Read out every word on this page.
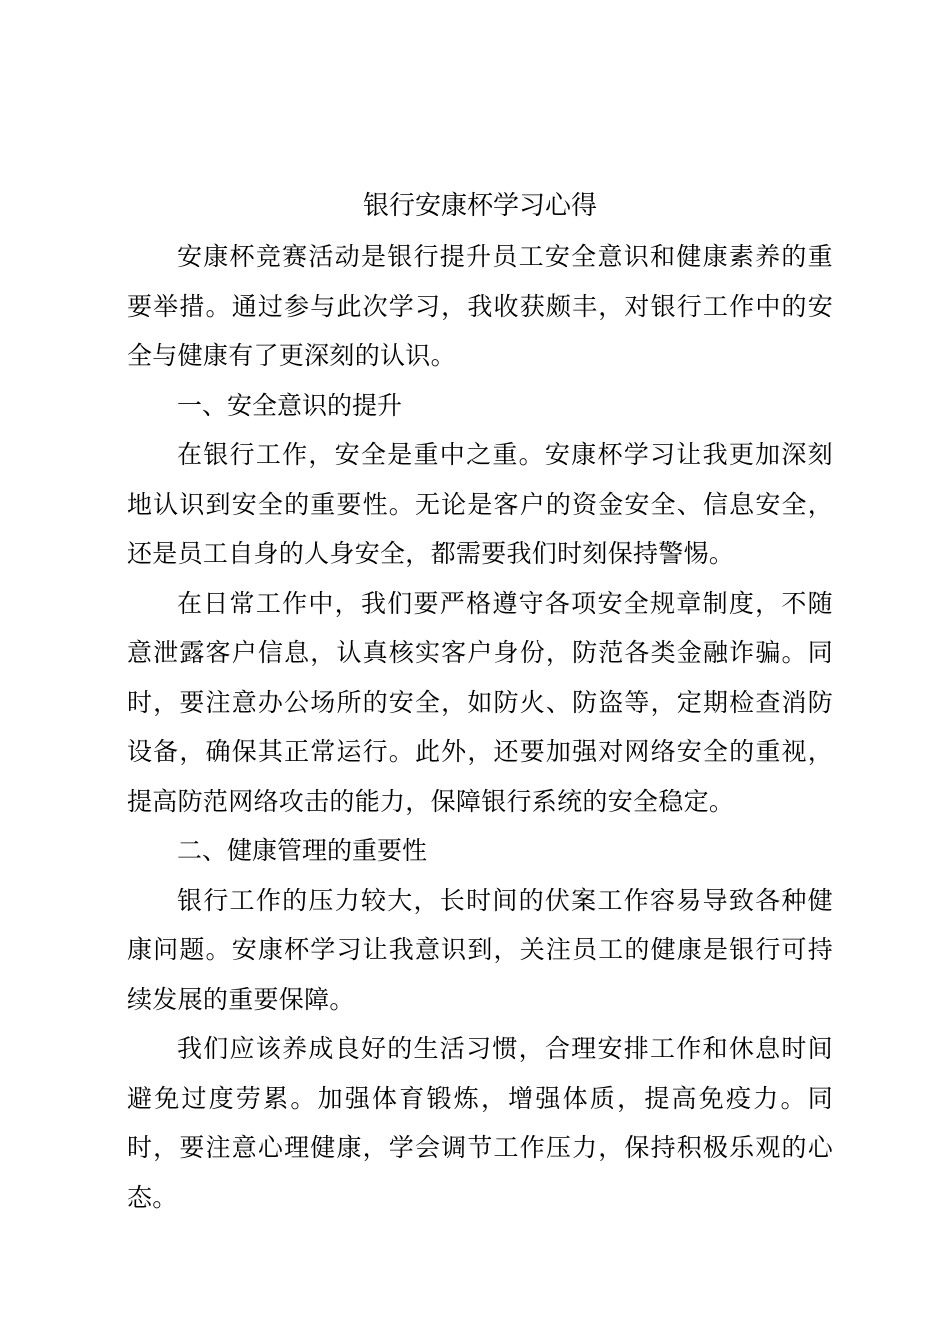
银行安康杯学习心得

安康杯竞赛活动是银行提升员工安全意识和健康素养的重要举措。通过参与此次学习，我收获颇丰，对银行工作中的安全与健康有了更深刻的认识。

一、安全意识的提升

在银行工作，安全是重中之重。安康杯学习让我更加深刻地认识到安全的重要性。无论是客户的资金安全、信息安全，还是员工自身的人身安全，都需要我们时刻保持警惕。

在日常工作中，我们要严格遵守各项安全规章制度，不随意泄露客户信息，认真核实客户身份，防范各类金融诈骗。同时，要注意办公场所的安全，如防火、防盗等，定期检查消防设备，确保其正常运行。此外，还要加强对网络安全的重视，提高防范网络攻击的能力，保障银行系统的安全稳定。

二、健康管理的重要性

银行工作的压力较大，长时间的伏案工作容易导致各种健康问题。安康杯学习让我意识到，关注员工的健康是银行可持续发展的重要保障。

我们应该养成良好的生活习惯，合理安排工作和休息时间避免过度劳累。加强体育锻炼，增强体质，提高免疫力。同时，要注意心理健康，学会调节工作压力，保持积极乐观的心态。
